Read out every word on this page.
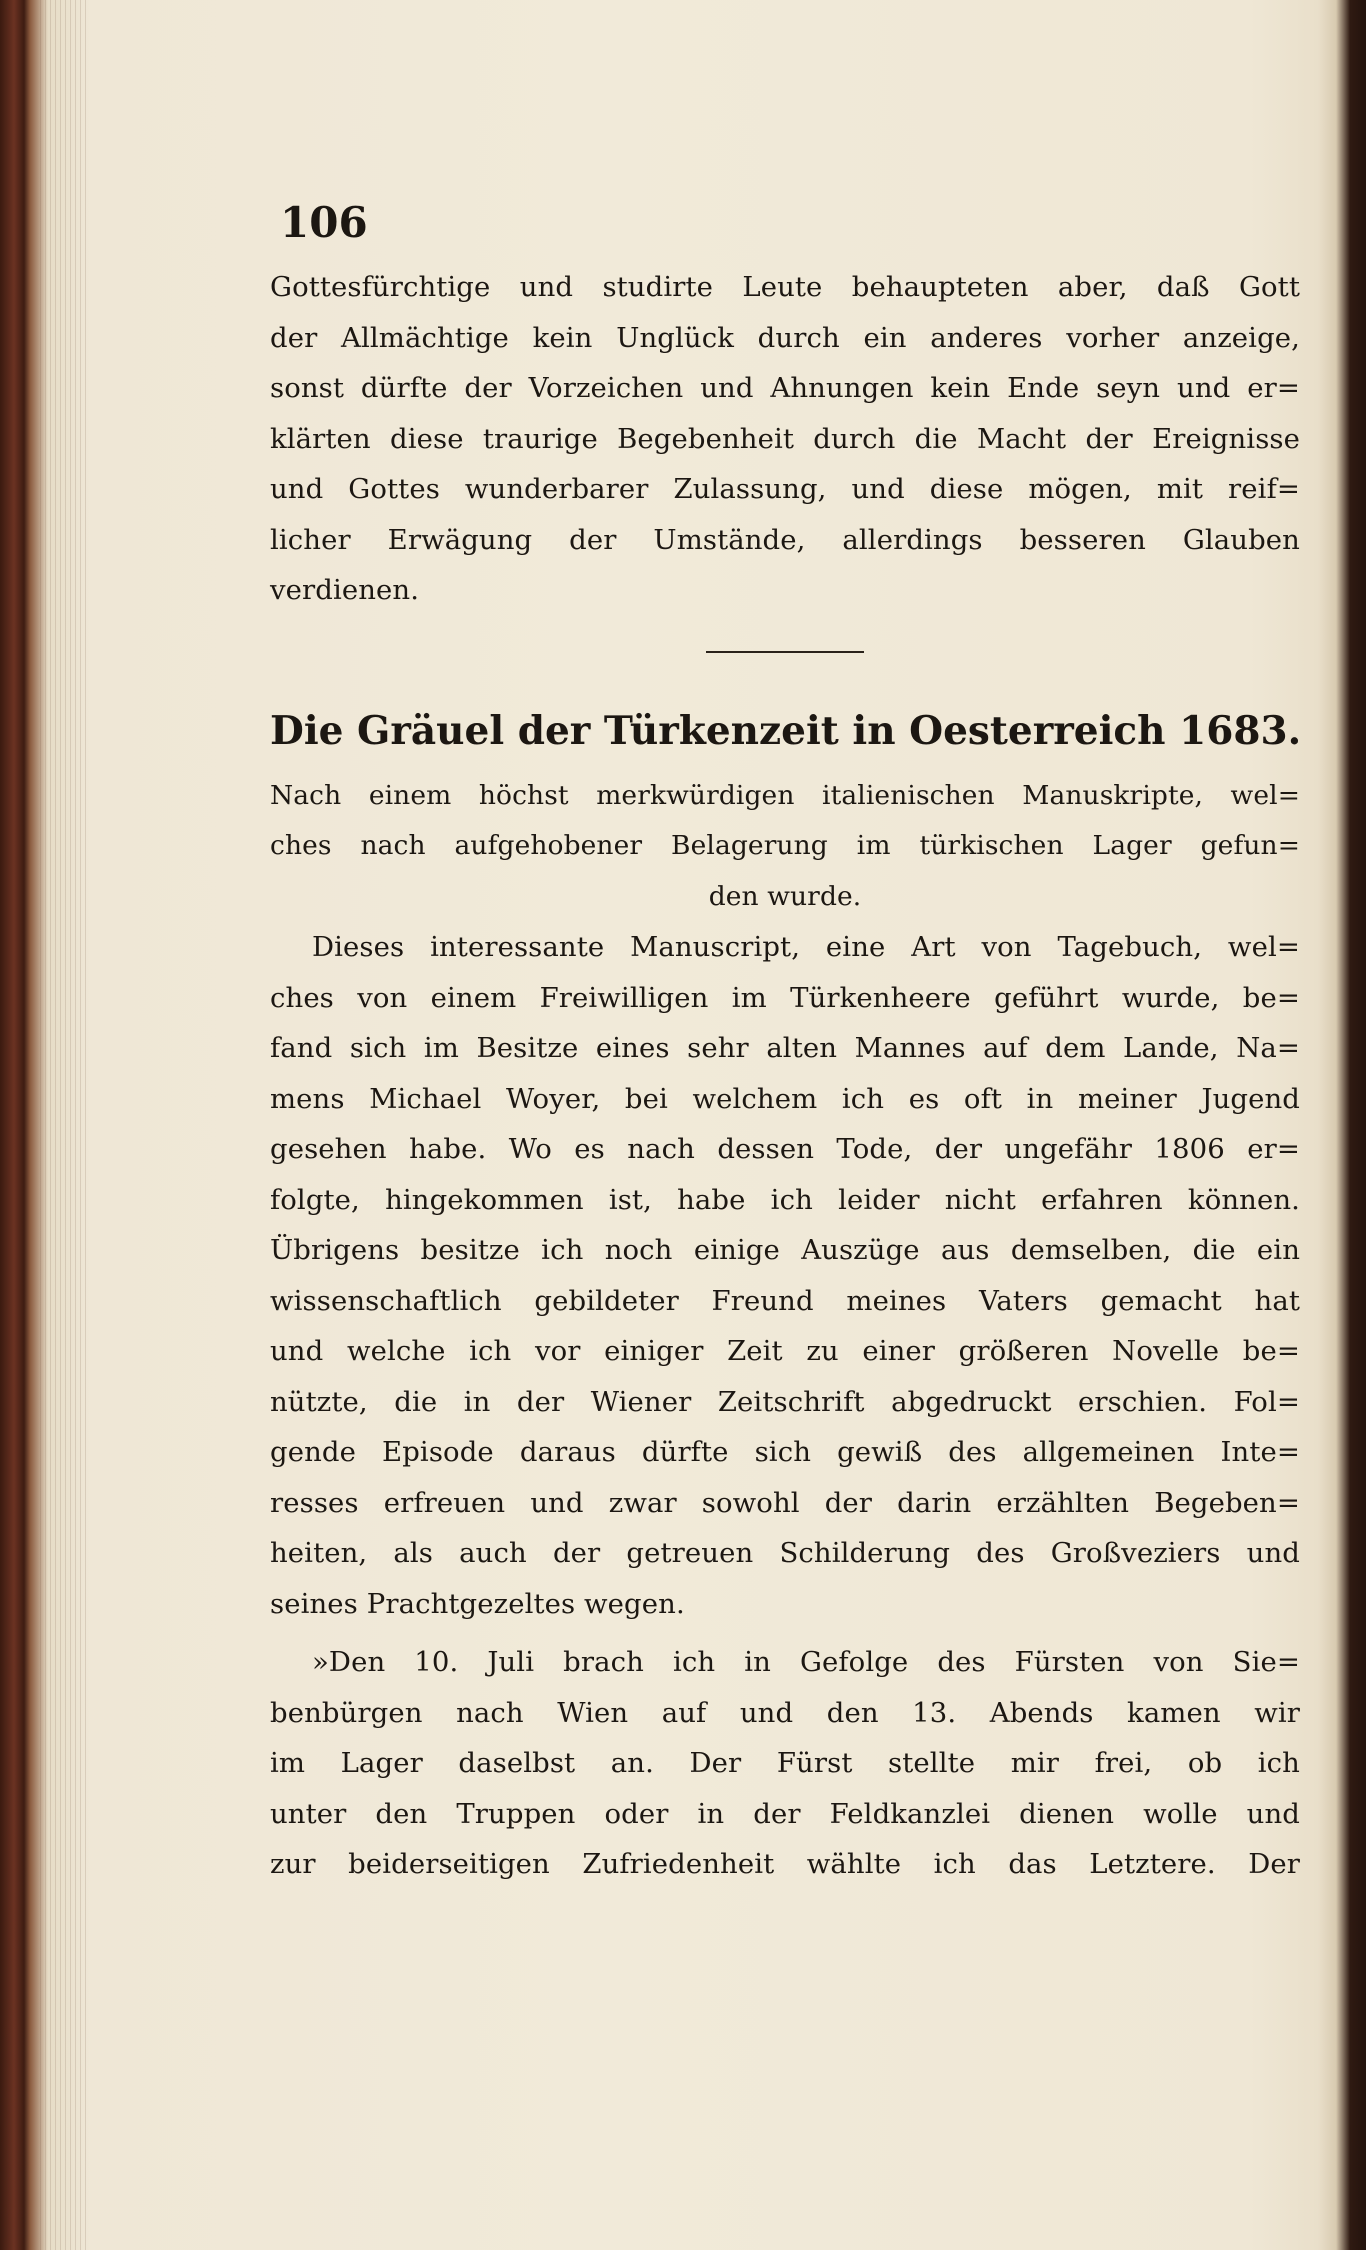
106
Gottesfürchtige und studirte Leute behaupteten aber, daß Gott
der Allmächtige kein Unglück durch ein anderes vorher anzeige,
sonst dürfte der Vorzeichen und Ahnungen kein Ende seyn und er=
klärten diese traurige Begebenheit durch die Macht der Ereignisse
und Gottes wunderbarer Zulassung, und diese mögen, mit reif=
licher Erwägung der Umstände, allerdings besseren Glauben
verdienen.
Die Gräuel der Türkenzeit in Oesterreich 1683.
Nach einem höchst merkwürdigen italienischen Manuskripte, wel=
ches nach aufgehobener Belagerung im türkischen Lager gefun=
den wurde.
Dieses interessante Manuscript, eine Art von Tagebuch, wel=
ches von einem Freiwilligen im Türkenheere geführt wurde, be=
fand sich im Besitze eines sehr alten Mannes auf dem Lande, Na=
mens Michael Woyer, bei welchem ich es oft in meiner Jugend
gesehen habe. Wo es nach dessen Tode, der ungefähr 1806 er=
folgte, hingekommen ist, habe ich leider nicht erfahren können.
Übrigens besitze ich noch einige Auszüge aus demselben, die ein
wissenschaftlich gebildeter Freund meines Vaters gemacht hat
und welche ich vor einiger Zeit zu einer größeren Novelle be=
nützte, die in der Wiener Zeitschrift abgedruckt erschien. Fol=
gende Episode daraus dürfte sich gewiß des allgemeinen Inte=
resses erfreuen und zwar sowohl der darin erzählten Begeben=
heiten, als auch der getreuen Schilderung des Großveziers und
seines Prachtgezeltes wegen.
»Den 10. Juli brach ich in Gefolge des Fürsten von Sie=
benbürgen nach Wien auf und den 13. Abends kamen wir
im Lager daselbst an. Der Fürst stellte mir frei, ob ich
unter den Truppen oder in der Feldkanzlei dienen wolle und
zur beiderseitigen Zufriedenheit wählte ich das Letztere. Der
